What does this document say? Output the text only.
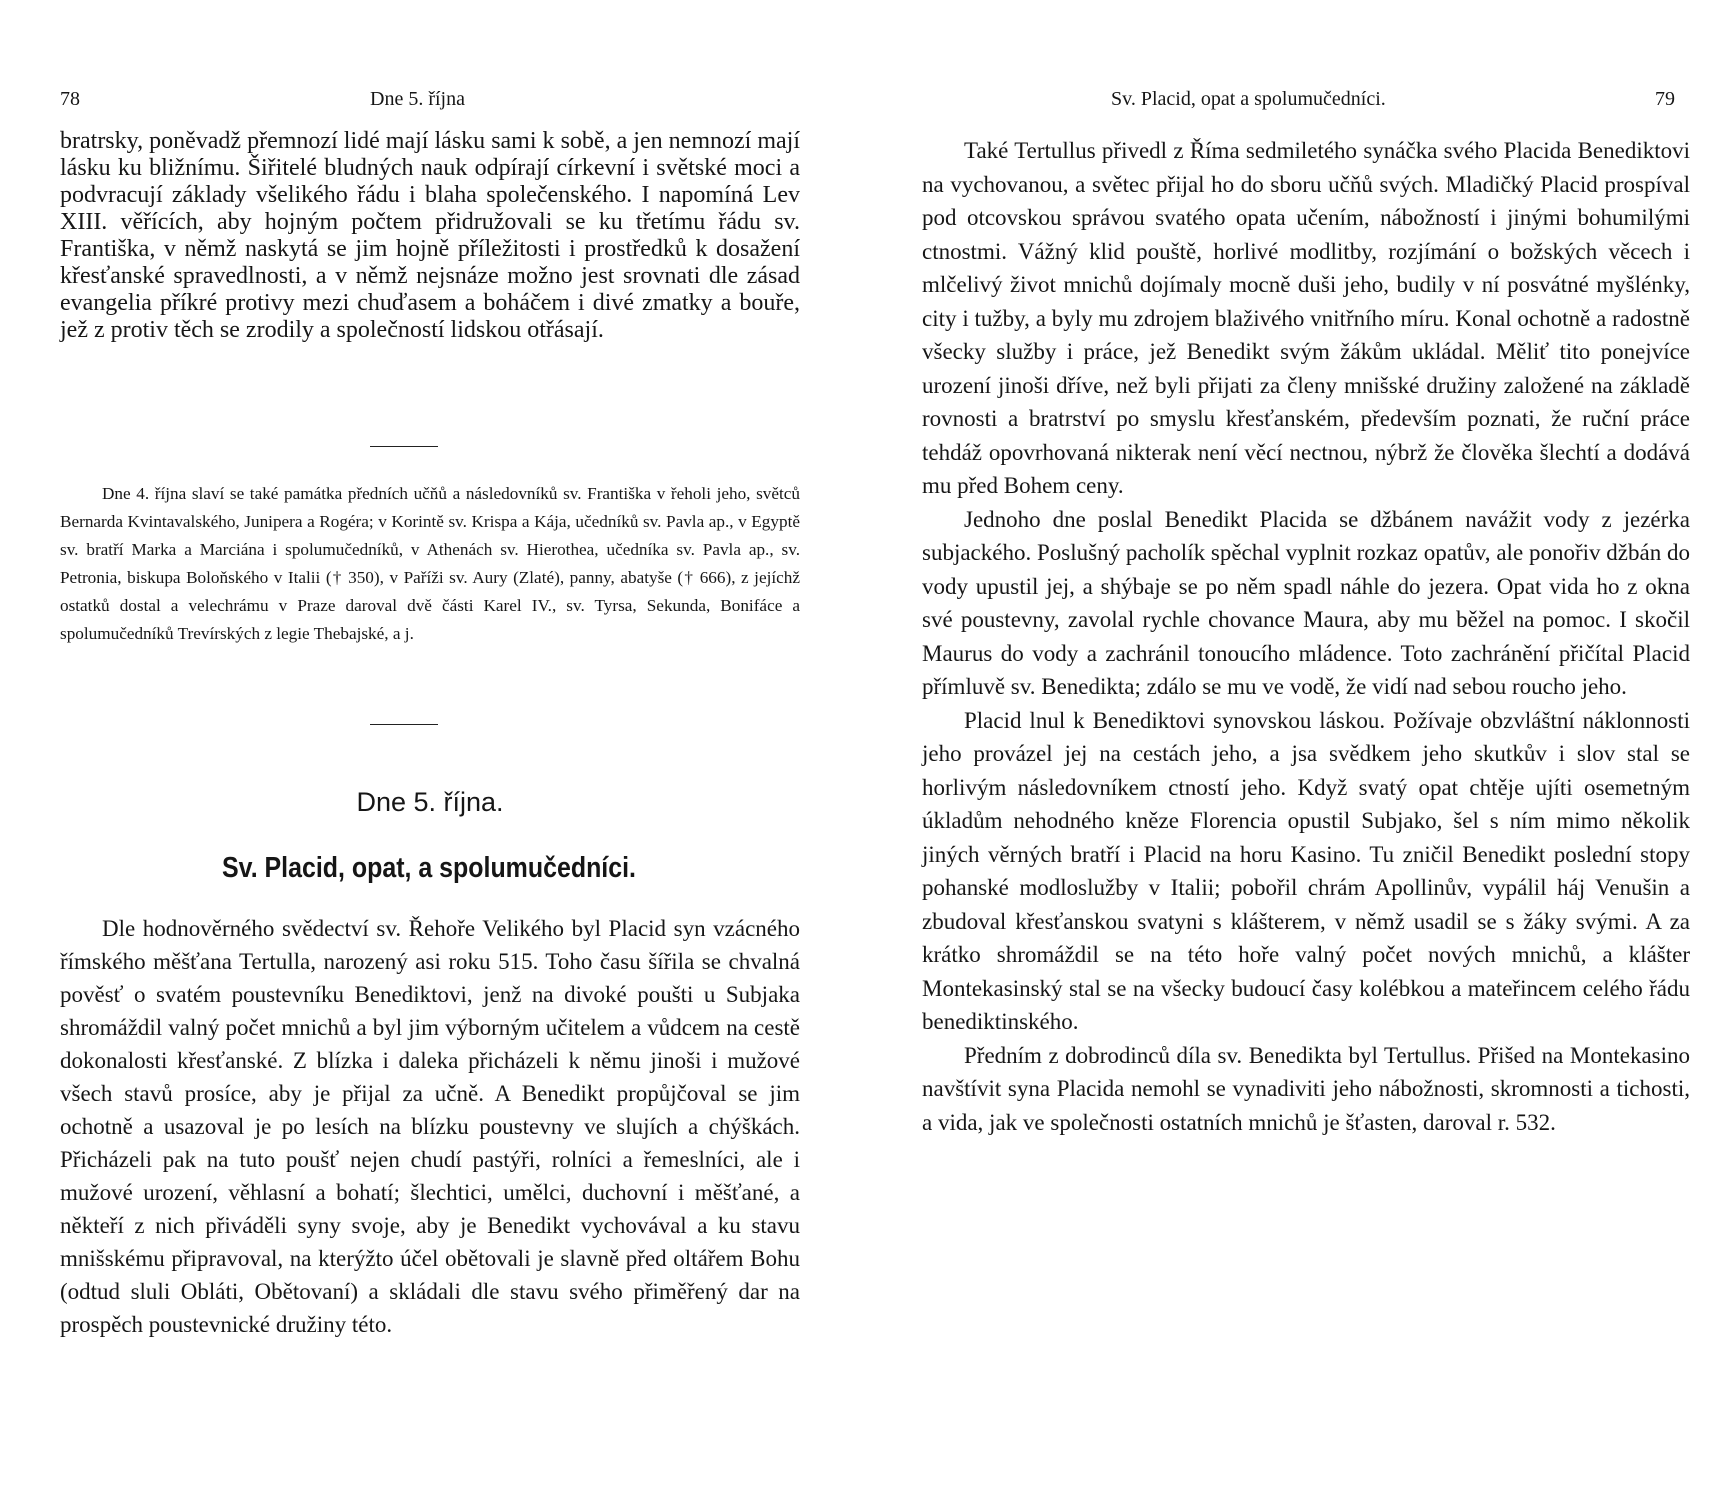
78	Dne 5. října

bratrsky, poněvadž přemnozí lidé mají lásku sami k sobě, a jen nemnozí mají lásku ku bližnímu. Šiřitelé bludných nauk odpírají církevní i světské moci a podvracují základy všelikého řádu i blaha společenského. I napomíná Lev XIII. věřících, aby hojným počtem přidružovali se ku třetímu řádu sv. Františka, v němž naskytá se jim hojně příležitosti i prostředků k dosažení křesťanské spravedlnosti, a v němž nejsnáze možno jest srovnati dle zásad evangelia příkré protivy mezi chuďasem a boháčem i divé zmatky a bouře, jež z protiv těch se zrodily a společností lidskou otřásají.

Dne 4. října slaví se také památka předních učňů a následovníků sv. Františka v řeholi jeho, světců Bernarda Kvintavalského, Junipera a Rogéra; v Korintě sv. Krispa a Kája, učedníků sv. Pavla ap., v Egyptě sv. bratří Marka a Marciána i spolumučedníků, v Athenách sv. Hierothea, učedníka sv. Pavla ap., sv. Petronia, biskupa Boloňského v Italii († 350), v Paříži sv. Aury (Zlaté), panny, abatyše († 666), z jejíchž ostatků dostal a velechrámu v Praze daroval dvě části Karel IV., sv. Tyrsa, Sekunda, Bonifáce a spolumučedníků Trevírských z legie Thebajské, a j.

Dne 5. října.
Sv. Placid, opat, a spolumučedníci.

Dle hodnověrného svědectví sv. Řehoře Velikého byl Placid syn vzácného římského měšťana Tertulla, narozený asi roku 515. Toho času šířila se chvalná pověsť o svatém poustevníku Benediktovi, jenž na divoké poušti u Subjaka shromáždil valný počet mnichů a byl jim výborným učitelem a vůdcem na cestě dokonalosti křesťanské. Z blízka i daleka přicházeli k němu jinoši i mužové všech stavů prosíce, aby je přijal za učně. A Benedikt propůjčoval se jim ochotně a usazoval je po lesích na blízku poustevny ve slujích a chýškách. Přicházeli pak na tuto poušť nejen chudí pastýři, rolníci a řemeslníci, ale i mužové urození, věhlasní a bohatí; šlechtici, umělci, duchovní i měšťané, a někteří z nich přiváděli syny svoje, aby je Benedikt vychovával a ku stavu mnišskému připravoval, na kterýžto účel obětovali je slavně před oltářem Bohu (odtud sluli Obláti, Obětovaní) a skládali dle stavu svého přiměřený dar na prospěch poustevnické družiny této.

Sv. Placid, opat a spolumučedníci.	79

Také Tertullus přivedl z Říma sedmiletého synáčka svého Placida Benediktovi na vychovanou, a světec přijal ho do sboru učňů svých. Mladičký Placid prospíval pod otcovskou správou svatého opata učením, nábožností i jinými bohumilými ctnostmi. Vážný klid pouště, horlivé modlitby, rozjímání o božských věcech i mlčelivý život mnichů dojímaly mocně duši jeho, budily v ní posvátné myšlénky, city i tužby, a byly mu zdrojem blaživého vnitřního míru. Konal ochotně a radostně všecky služby i práce, jež Benedikt svým žákům ukládal. Měliť tito ponejvíce urození jinoši dříve, než byli přijati za členy mnišské družiny založené na základě rovnosti a bratrství po smyslu křesťanském, především poznati, že ruční práce tehdáž opovrhovaná nikterak není věcí nectnou, nýbrž že člověka šlechtí a dodává mu před Bohem ceny.

Jednoho dne poslal Benedikt Placida se džbánem navážit vody z jezérka subjackého. Poslušný pacholík spěchal vyplnit rozkaz opatův, ale ponořiv džbán do vody upustil jej, a shýbaje se po něm spadl náhle do jezera. Opat vida ho z okna své poustevny, zavolal rychle chovance Maura, aby mu běžel na pomoc. I skočil Maurus do vody a zachránil tonoucího mládence. Toto zachránění přičítal Placid přímluvě sv. Benedikta; zdálo se mu ve vodě, že vidí nad sebou roucho jeho.

Placid lnul k Benediktovi synovskou láskou. Požívaje obzvláštní náklonnosti jeho provázel jej na cestách jeho, a jsa svědkem jeho skutkův i slov stal se horlivým následovníkem ctností jeho. Když svatý opat chtěje ujíti osemetným úkladům nehodného kněze Florencia opustil Subjako, šel s ním mimo několik jiných věrných bratří i Placid na horu Kasino. Tu zničil Benedikt poslední stopy pohanské modloslužby v Italii; pobořil chrám Apollinův, vypálil háj Venušin a zbudoval křesťanskou svatyni s klášterem, v němž usadil se s žáky svými. A za krátko shromáždil se na této hoře valný počet nových mnichů, a klášter Montekasinský stal se na všecky budoucí časy kolébkou a mateřincem celého řádu benediktinského.

Předním z dobrodinců díla sv. Benedikta byl Tertullus. Přišed na Montekasino navštívit syna Placida nemohl se vynadiviti jeho nábožnosti, skromnosti a tichosti, a vida, jak ve společnosti ostatních mnichů je šťasten, daroval r. 532.
